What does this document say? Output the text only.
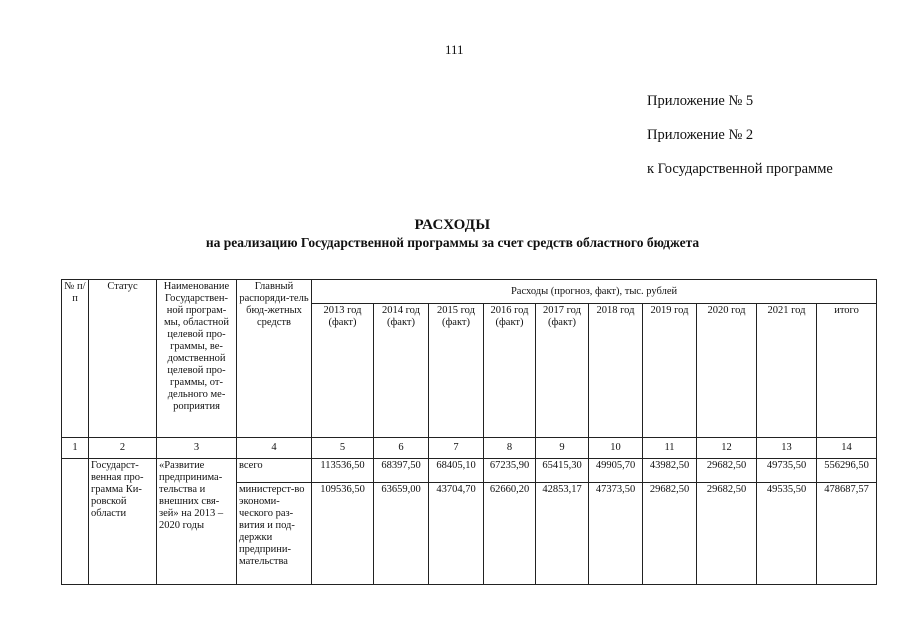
111
Приложение № 5
Приложение № 2
к Государственной программе
РАСХОДЫ
на реализацию Государственной программы за счет средств областного бюджета
№ п/п	Статус	Наименование Государствен-ной програм-мы, областной целевой про-граммы, ве-домственной целевой про-граммы, от-дельного ме-роприятия	Главный распоряди-тель бюд-жетных средств	Расходы (прогноз, факт), тыс. рублей									
				2013 год (факт)	2014 год (факт)	2015 год (факт)	2016 год (факт)	2017 год (факт)	2018 год	2019 год	2020 год	2021 год	итого
1	2	3	4	5	6	7	8	9	10	11	12	13	14
	Государст-венная про-грамма Ки-ровской области	«Развитие предпринима-тельства и внешних свя-зей» на 2013 – 2020 годы	всего	113536,50	68397,50	68405,10	67235,90	65415,30	49905,70	43982,50	29682,50	49735,50	556296,50
			министерст-во экономи-ческого раз-вития и под-держки предприни-мательства	109536,50	63659,00	43704,70	62660,20	42853,17	47373,50	29682,50	29682,50	49535,50	478687,57
